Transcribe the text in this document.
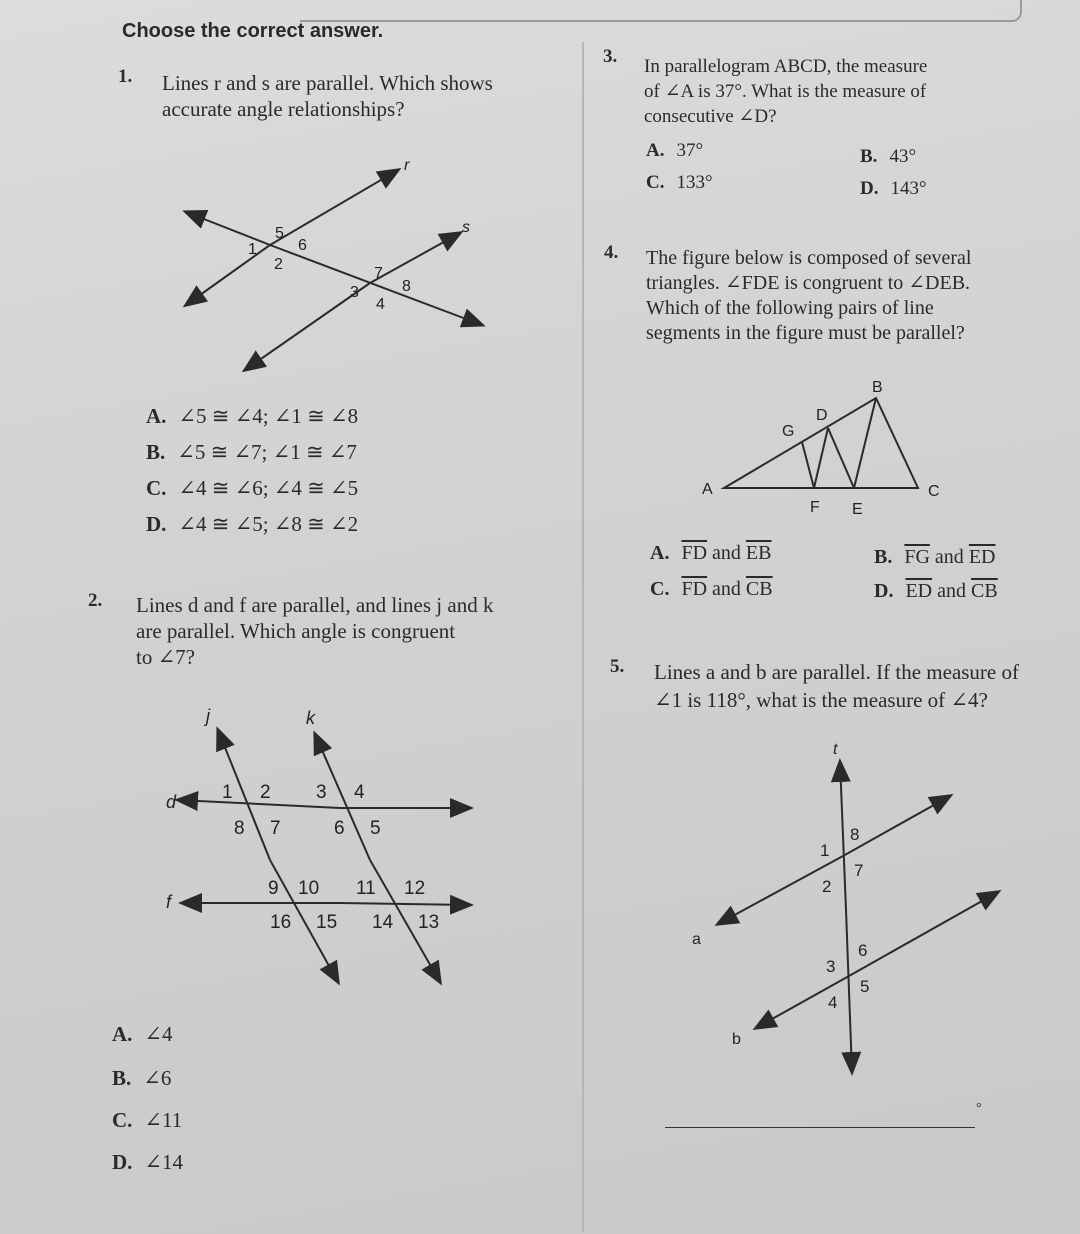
Choose the correct answer.
1. Lines r and s are parallel. Which shows
accurate angle relationships?
r
s
5
6
1
2
7
8
3
4
A. ∠5 ≅ ∠4; ∠1 ≅ ∠8
B. ∠5 ≅ ∠7; ∠1 ≅ ∠7
C. ∠4 ≅ ∠6; ∠4 ≅ ∠5
D. ∠4 ≅ ∠5; ∠8 ≅ ∠2
2. Lines d and f are parallel, and lines j and k
are parallel. Which angle is congruent
to ∠7?
j	k
d
f
1 2 3 4
8 7	6 5
9 10 11 12
16 15 14 13
A. ∠4
B. ∠6
C. ∠11
D. ∠14
3. In parallelogram ABCD, the measure
of ∠A is 37°. What is the measure of
consecutive ∠D?
A. 37°	B. 43°
C. 133°	D. 143°
4. The figure below is composed of several
triangles. ∠FDE is congruent to ∠DEB.
Which of the following pairs of line
segments in the figure must be parallel?
A
B
C
D
E
F
G
A. $\overline{FD}$ and $\overline{EB}$	B. $\overline{FG}$ and $\overline{ED}$
C. $\overline{FD}$ and $\overline{CB}$	D. $\overline{ED}$ and $\overline{CB}$
5. Lines a and b are parallel. If the measure of
∠1 is 118°, what is the measure of ∠4?
t
a
b
1
8
2
7
3
6
4
5
°
